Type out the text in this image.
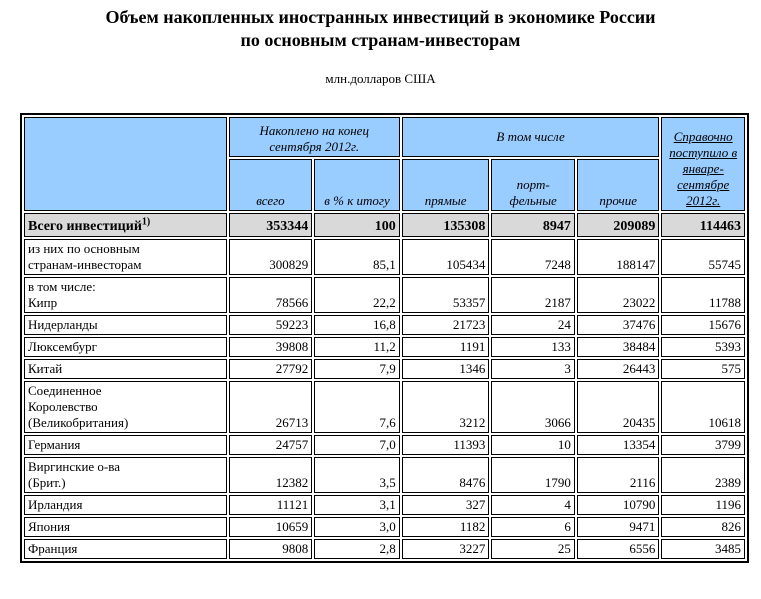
Объем накопленных иностранных инвестиций в экономике России
по основным странам-инвесторам
млн.долларов США
	Накоплено на конец сентября 2012г.		В том числе			Справочно поступило в январе-сентябре 2012г.
	всего	в % к итогу	прямые	порт-фельные	прочие	
Всего инвестиций$^{1)}$	353344	100	135308	8947	209089	114463

из них по основным
странам-инвесторам	300829	85,1	105434	7248	188147	55745

в том числе:
Кипр	78566	22,2	53357	2187	23022	11788

Нидерланды	59223	16,8	21723	24	37476	15676

Люксембург	39808	11,2	1191	133	38484	5393

Китай	27792	7,9	1346	3	26443	575

Соединенное
Королевство
(Великобритания)	26713	7,6	3212	3066	20435	10618

Германия	24757	7,0	11393	10	13354	3799

Виргинские о-ва
(Брит.)	12382	3,5	8476	1790	2116	2389

Ирландия	11121	3,1	327	4	10790	1196

Япония	10659	3,0	1182	6	9471	826

Франция	9808	2,8	3227	25	6556	3485
